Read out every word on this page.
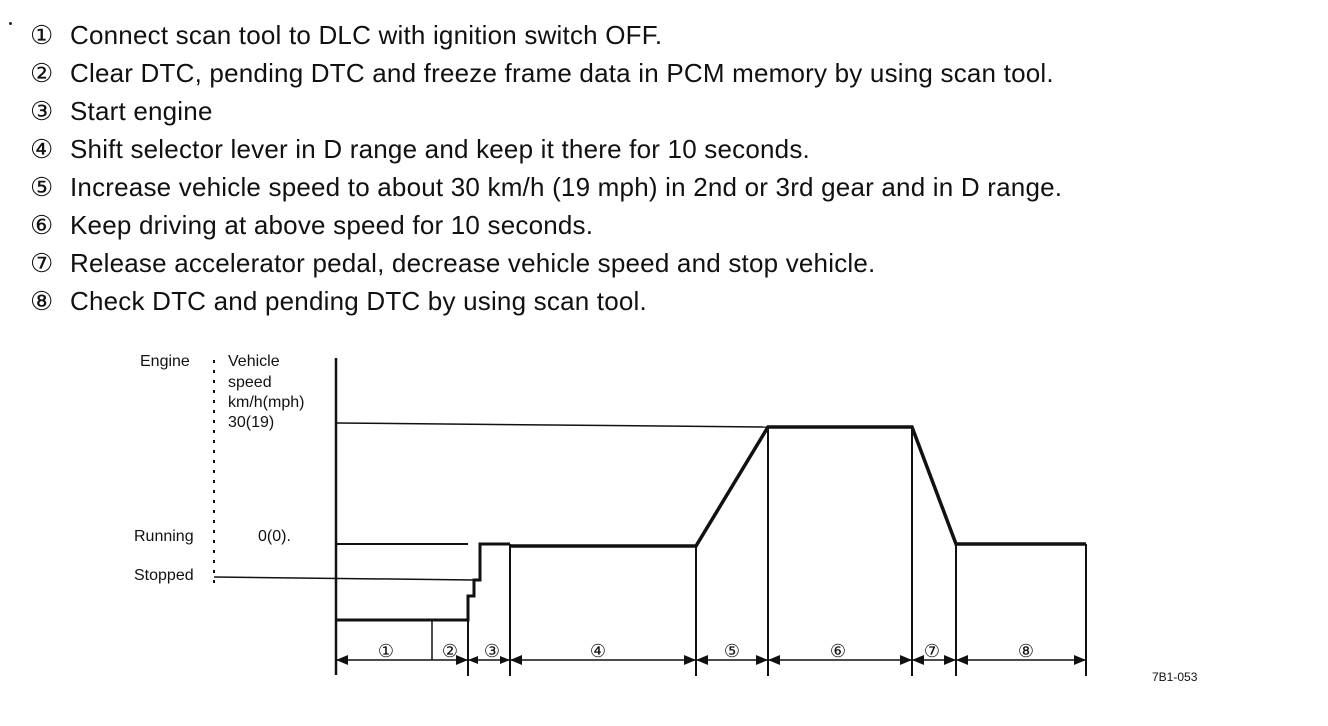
① Connect scan tool to DLC with ignition switch OFF.
② Clear DTC, pending DTC and freeze frame data in PCM memory by using scan tool.
③ Start engine
④ Shift selector lever in D range and keep it there for 10 seconds.
⑤ Increase vehicle speed to about 30 km/h (19 mph) in 2nd or 3rd gear and in D range.
⑥ Keep driving at above speed for 10 seconds.
⑦ Release accelerator pedal, decrease vehicle speed and stop vehicle.
⑧ Check DTC and pending DTC by using scan tool.
Engine Vehicle
speed
km/h(mph)
30(19)
Running	0(0).
Stopped
①	②	③	④	⑤	⑥	⑦	⑧
7B1-053
